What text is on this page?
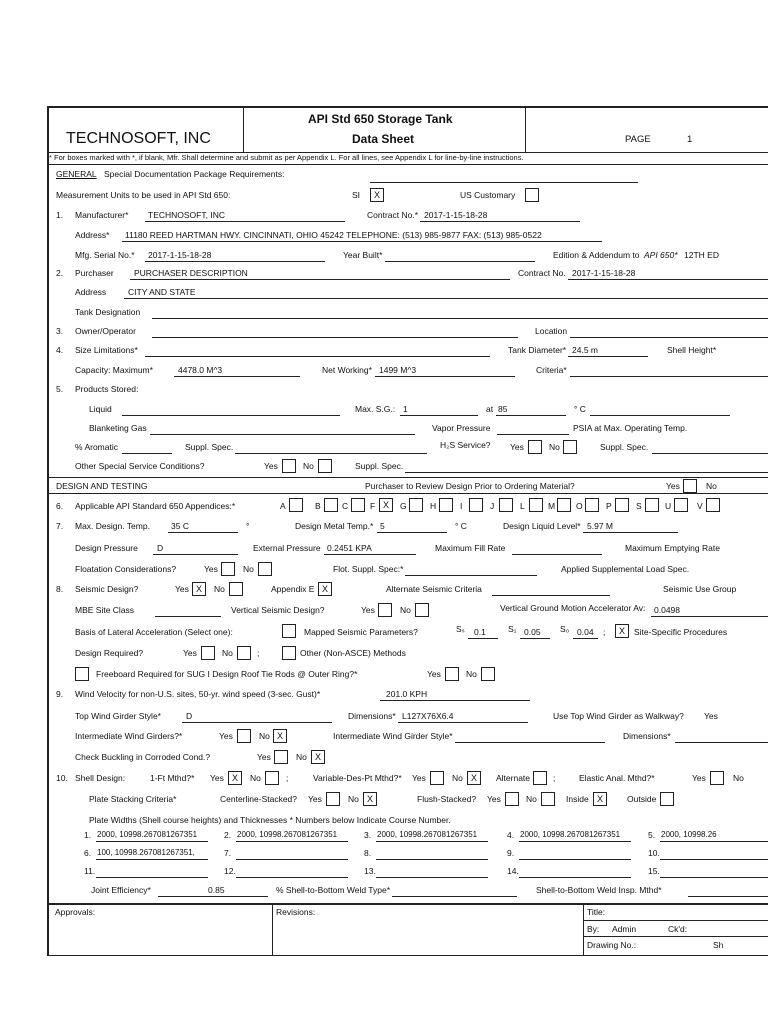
TECHNOSOFT, INC
API Std 650 Storage Tank
Data Sheet	PAGE	1
* For boxes marked with *, if blank, Mfr. Shall determine and submit as per Appendix L. For all lines, see Appendix L for line-by-line instructions.
GENERAL Special Documentation Package Requirements:
Measurement Units to be used in API Std 650:	SI	X	US Customary
1. Manufacturer* TECHNOSOFT, INC	Contract No.* 2017-1-15-18-28
Address* 11180 REED HARTMAN HWY. CINCINNATI, OHIO 45242 TELEPHONE: (513) 985-9877 FAX: (513) 985-0522
Mfg. Serial No.* 2017-1-15-18-28	Year Built*	Edition & Addendum to API 650* 12TH ED
2. Purchaser PURCHASER DESCRIPTION	Contract No. 2017-1-15-18-28
Address	CITY AND STATE
Tank Designation
3. Owner/Operator	Location
4. Size Limitations*	Tank Diameter* 24.5 m	Shell Height*
Capacity: Maximum*	4478.0 M^3	Net Working* 1499 M^3	Criteria*
5. Products Stored:
Liquid	Max. S.G.: 1	at 85	° C
Blanketing Gas	Vapor Pressure	PSIA at Max. Operating Temp.
% Aromatic	Suppl. Spec.	H₂S Service? Yes	No	Suppl. Spec.
Other Special Service Conditions?	Yes	No	Suppl. Spec.
DESIGN AND TESTING	Purchaser to Review Design Prior to Ordering Material?	Yes	No
6. Applicable API Standard 650 Appendices:*	A	B	C	F X	G	H	I	J	L	M O	P	S	U	V
7. Max. Design. Temp. 35 C	°	Design Metal Temp.* 5	° C	Design Liquid Level* 5.97 M
Design Pressure D	External Pressure 0.2451 KPA	Maximum Fill Rate	Maximum Emptying Rate
Floatation Considerations?	Yes	No	Flot. Suppl. Spec:*	Applied Supplemental Load Spec.
8. Seismic Design?	Yes X	No	Appendix E X	Alternate Seismic Criteria	Seismic Use Group
MBE Site Class	Vertical Seismic Design?	Yes	No	Vertical Ground Motion Accelerator Av: 0.0498
Basis of Lateral Acceleration (Select one):	Mapped Seismic Parameters?	Sₛ 0.1	S₁ 0.05 S₀ 0.04 ;	X	Site-Specific Procedures
Design Required?	Yes	No	;	Other (Non-ASCE) Methods
Freeboard Required for SUG I Design Roof Tie Rods @ Outer Ring?*	Yes	No
9. Wind Velocity for non-U.S. sites, 50-yr. wind speed (3-sec. Gust)*	201.0 KPH
Top Wind Girder Style*	D	Dimensions* L127X76X6.4	Use Top Wind Girder as Walkway? Yes
Intermediate Wind Girders?*	Yes	No X	Intermediate Wind Girder Style*	Dimensions*
Check Buckling in Corroded Cond.?	Yes	No X
10. Shell Design:	1-Ft Mthd?* Yes X	No	;	Variable-Des-Pt Mthd?* Yes	No X	Alternate	;	Elastic Anal. Mthd?*	Yes	No
Plate Stacking Criteria*	Centerline-Stacked? Yes	No X	Flush-Stacked? Yes	No	Inside X	Outside
Plate Widths (Shell course heights) and Thicknesses * Numbers below Indicate Course Number.
1. 2000, 10998.267081267351	2. 2000, 10998.267081267351	3. 2000, 10998.267081267351	4. 2000, 10998.267081267351	5. 2000, 10998.26
6. 100, 10998.267081267351,	7.	8.	9.	10.
11.	12.	13.	14.	15.
Joint Efficiency*	0.85	% Shell-to-Bottom Weld Type*	Shell-to-Bottom Weld Insp. Mthd*
Approvals:	Revisions:	Title:
By: Admin	Ck'd:
Drawing No.:	Sh
